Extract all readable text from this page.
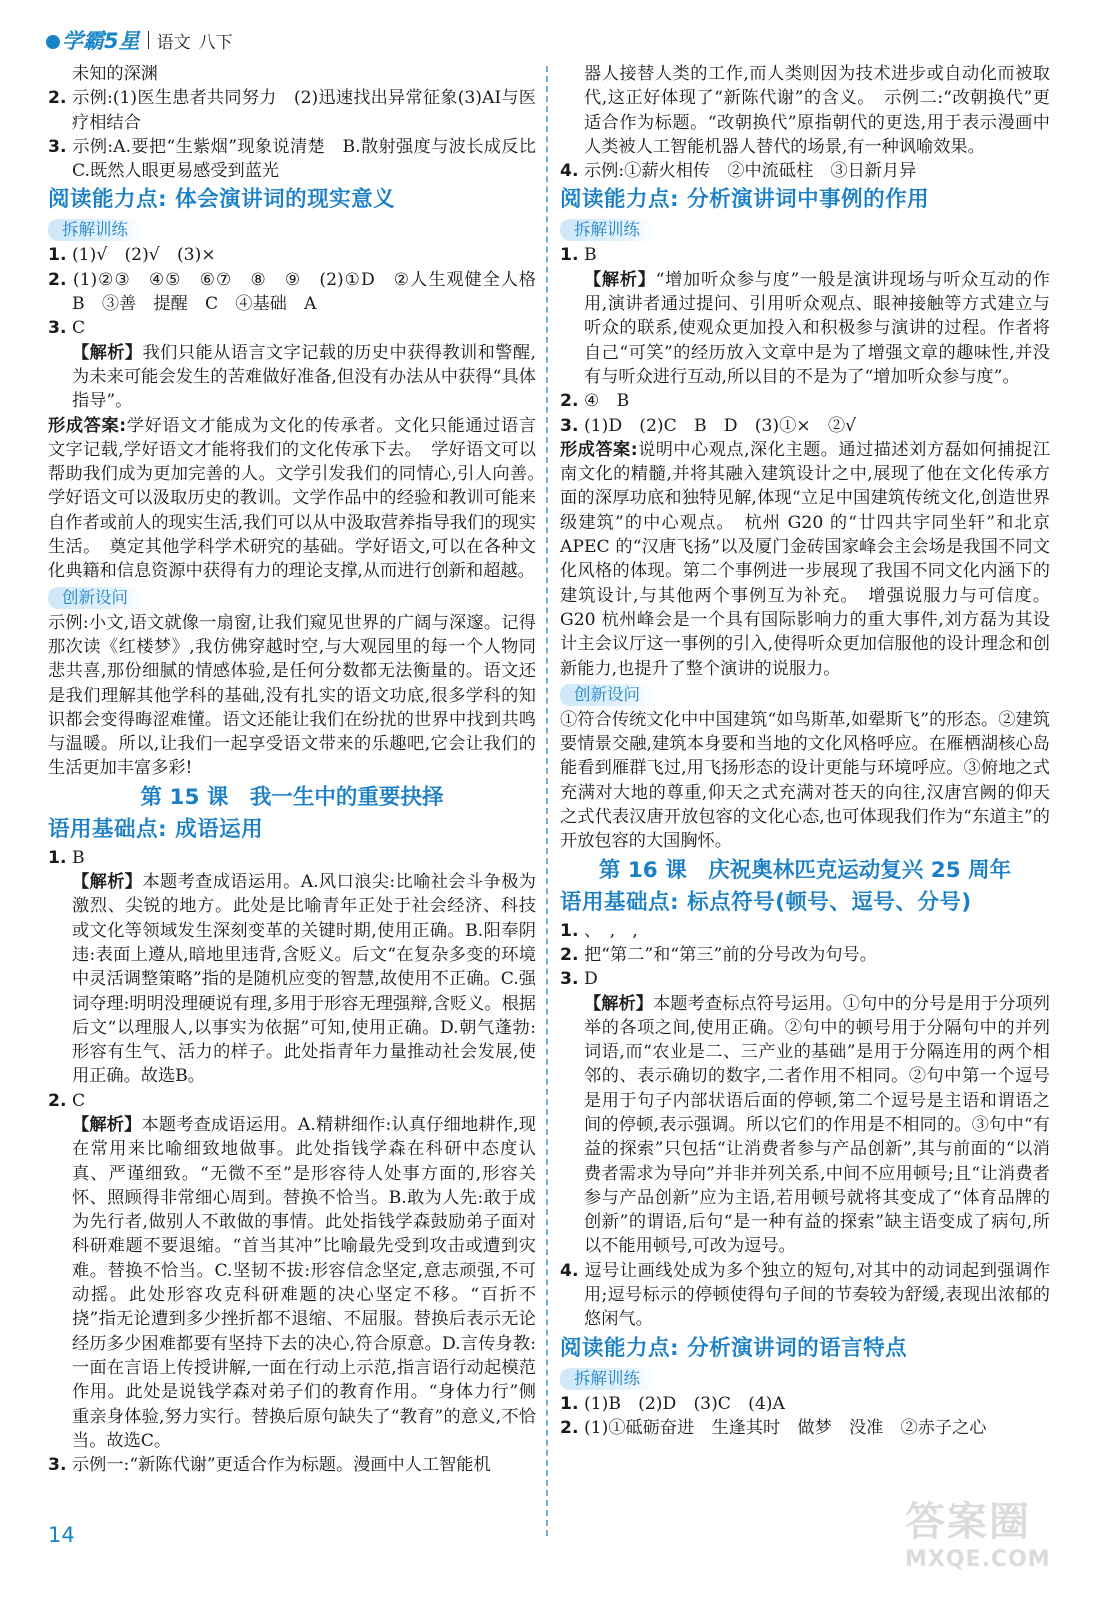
学霸5星 语文 八下

未知的深渊

2. 示例:(1)医生患者共同努力　(2)迅速找出异常征象(3)AI与医疗相结合

3. 示例:A.要把“生紫烟”现象说清楚　B.散射强度与波长成反比　C.既然人眼更易感受到蓝光

阅读能力点: 体会演讲词的现实意义
拆解训练

1. (1)√　(2)√　(3)×

2. (1)②③　④⑤　⑥⑦　⑧　⑨　(2)①D　②人生观健全人格　B　③善　提醒　C　④基础　A

3. C

【解析】我们只能从语言文字记载的历史中获得教训和警醒,为未来可能会发生的苦难做好准备,但没有办法从中获得“具体指导”。

形成答案:学好语文才能成为文化的传承者。文化只能通过语言文字记载,学好语文才能将我们的文化传承下去。　学好语文可以帮助我们成为更加完善的人。文学引发我们的同情心,引人向善。　学好语文可以汲取历史的教训。文学作品中的经验和教训可能来自作者或前人的现实生活,我们可以从中汲取营养指导我们的现实生活。　奠定其他学科学术研究的基础。学好语文,可以在各种文化典籍和信息资源中获得有力的理论支撑,从而进行创新和超越。

创新设问

示例:小文,语文就像一扇窗,让我们窥见世界的广阔与深邃。记得那次读《红楼梦》,我仿佛穿越时空,与大观园里的每一个人物同悲共喜,那份细腻的情感体验,是任何分数都无法衡量的。语文还是我们理解其他学科的基础,没有扎实的语文功底,很多学科的知识都会变得晦涩难懂。语文还能让我们在纷扰的世界中找到共鸣与温暖。所以,让我们一起享受语文带来的乐趣吧,它会让我们的生活更加丰富多彩!

第 15 课　我一生中的重要抉择
语用基础点: 成语运用

1. B

【解析】本题考查成语运用。A.风口浪尖:比喻社会斗争极为激烈、尖锐的地方。此处是比喻青年正处于社会经济、科技或文化等领域发生深刻变革的关键时期,使用正确。B.阳奉阴违:表面上遵从,暗地里违背,含贬义。后文“在复杂多变的环境中灵活调整策略”指的是随机应变的智慧,故使用不正确。C.强词夺理:明明没理硬说有理,多用于形容无理强辩,含贬义。根据后文“以理服人,以事实为依据”可知,使用正确。D.朝气蓬勃:形容有生气、活力的样子。此处指青年力量推动社会发展,使用正确。故选B。

2. C

【解析】本题考查成语运用。A.精耕细作:认真仔细地耕作,现在常用来比喻细致地做事。此处指钱学森在科研中态度认真、严谨细致。“无微不至”是形容待人处事方面的,形容关怀、照顾得非常细心周到。替换不恰当。B.敢为人先:敢于成为先行者,做别人不敢做的事情。此处指钱学森鼓励弟子面对科研难题不要退缩。“首当其冲”比喻最先受到攻击或遭到灾难。替换不恰当。C.坚韧不拔:形容信念坚定,意志顽强,不可动摇。此处形容攻克科研难题的决心坚定不移。“百折不挠”指无论遭到多少挫折都不退缩、不屈服。替换后表示无论经历多少困难都要有坚持下去的决心,符合原意。D.言传身教:一面在言语上传授讲解,一面在行动上示范,指言语行动起模范作用。此处是说钱学森对弟子们的教育作用。“身体力行”侧重亲身体验,努力实行。替换后原句缺失了“教育”的意义,不恰当。故选C。

3. 示例一:“新陈代谢”更适合作为标题。漫画中人工智能机

器人接替人类的工作,而人类则因为技术进步或自动化而被取代,这正好体现了“新陈代谢”的含义。　示例二:“改朝换代”更适合作为标题。“改朝换代”原指朝代的更迭,用于表示漫画中人类被人工智能机器人替代的场景,有一种讽喻效果。

4. 示例:①薪火相传　②中流砥柱　③日新月异

阅读能力点: 分析演讲词中事例的作用
拆解训练

1. B

【解析】“增加听众参与度”一般是演讲现场与听众互动的作用,演讲者通过提问、引用听众观点、眼神接触等方式建立与听众的联系,使观众更加投入和积极参与演讲的过程。作者将自己“可笑”的经历放入文章中是为了增强文章的趣味性,并没有与听众进行互动,所以目的不是为了“增加听众参与度”。

2. ④　B

3. (1)D　(2)C　B　D　(3)①×　②√

形成答案:说明中心观点,深化主题。通过描述刘方磊如何捕捉江南文化的精髓,并将其融入建筑设计之中,展现了他在文化传承方面的深厚功底和独特见解,体现“立足中国建筑传统文化,创造世界级建筑”的中心观点。　杭州 G20 的“廿四共宇同坐轩”和北京 APEC 的“汉唐飞扬”以及厦门金砖国家峰会主会场是我国不同文化风格的体现。第二个事例进一步展现了我国不同文化内涵下的建筑设计,与其他两个事例互为补充。　增强说服力与可信度。G20 杭州峰会是一个具有国际影响力的重大事件,刘方磊为其设计主会议厅这一事例的引入,使得听众更加信服他的设计理念和创新能力,也提升了整个演讲的说服力。

创新设问

①符合传统文化中中国建筑“如鸟斯革,如翚斯飞”的形态。②建筑要情景交融,建筑本身要和当地的文化风格呼应。在雁栖湖核心岛能看到雁群飞过,用飞扬形态的设计更能与环境呼应。③俯地之式充满对大地的尊重,仰天之式充满对苍天的向往,汉唐宫阙的仰天之式代表汉唐开放包容的文化心态,也可体现我们作为“东道主”的开放包容的大国胸怀。

第 16 课　庆祝奥林匹克运动复兴 25 周年
语用基础点: 标点符号(顿号、逗号、分号)

1. 、　,　,

2. 把“第二”和“第三”前的分号改为句号。

3. D

【解析】本题考查标点符号运用。①句中的分号是用于分项列举的各项之间,使用正确。②句中的顿号用于分隔句中的并列词语,而“农业是二、三产业的基础”是用于分隔连用的两个相邻的、表示确切的数字,二者作用不相同。②句中第一个逗号是用于句子内部状语后面的停顿,第二个逗号是主语和谓语之间的停顿,表示强调。所以它们的作用是不相同的。③句中“有益的探索”只包括“让消费者参与产品创新”,其与前面的“以消费者需求为导向”并非并列关系,中间不应用顿号;且“让消费者参与产品创新”应为主语,若用顿号就将其变成了“体育品牌的创新”的谓语,后句“是一种有益的探索”缺主语变成了病句,所以不能用顿号,可改为逗号。

4. 逗号让画线处成为多个独立的短句,对其中的动词起到强调作用;逗号标示的停顿使得句子间的节奏较为舒缓,表现出浓郁的悠闲气。

阅读能力点: 分析演讲词的语言特点
拆解训练

1. (1)B　(2)D　(3)C　(4)A

2. (1)①砥砺奋进　生逢其时　做梦　没准　②赤子之心

14	答案圈
MXQE.COM
